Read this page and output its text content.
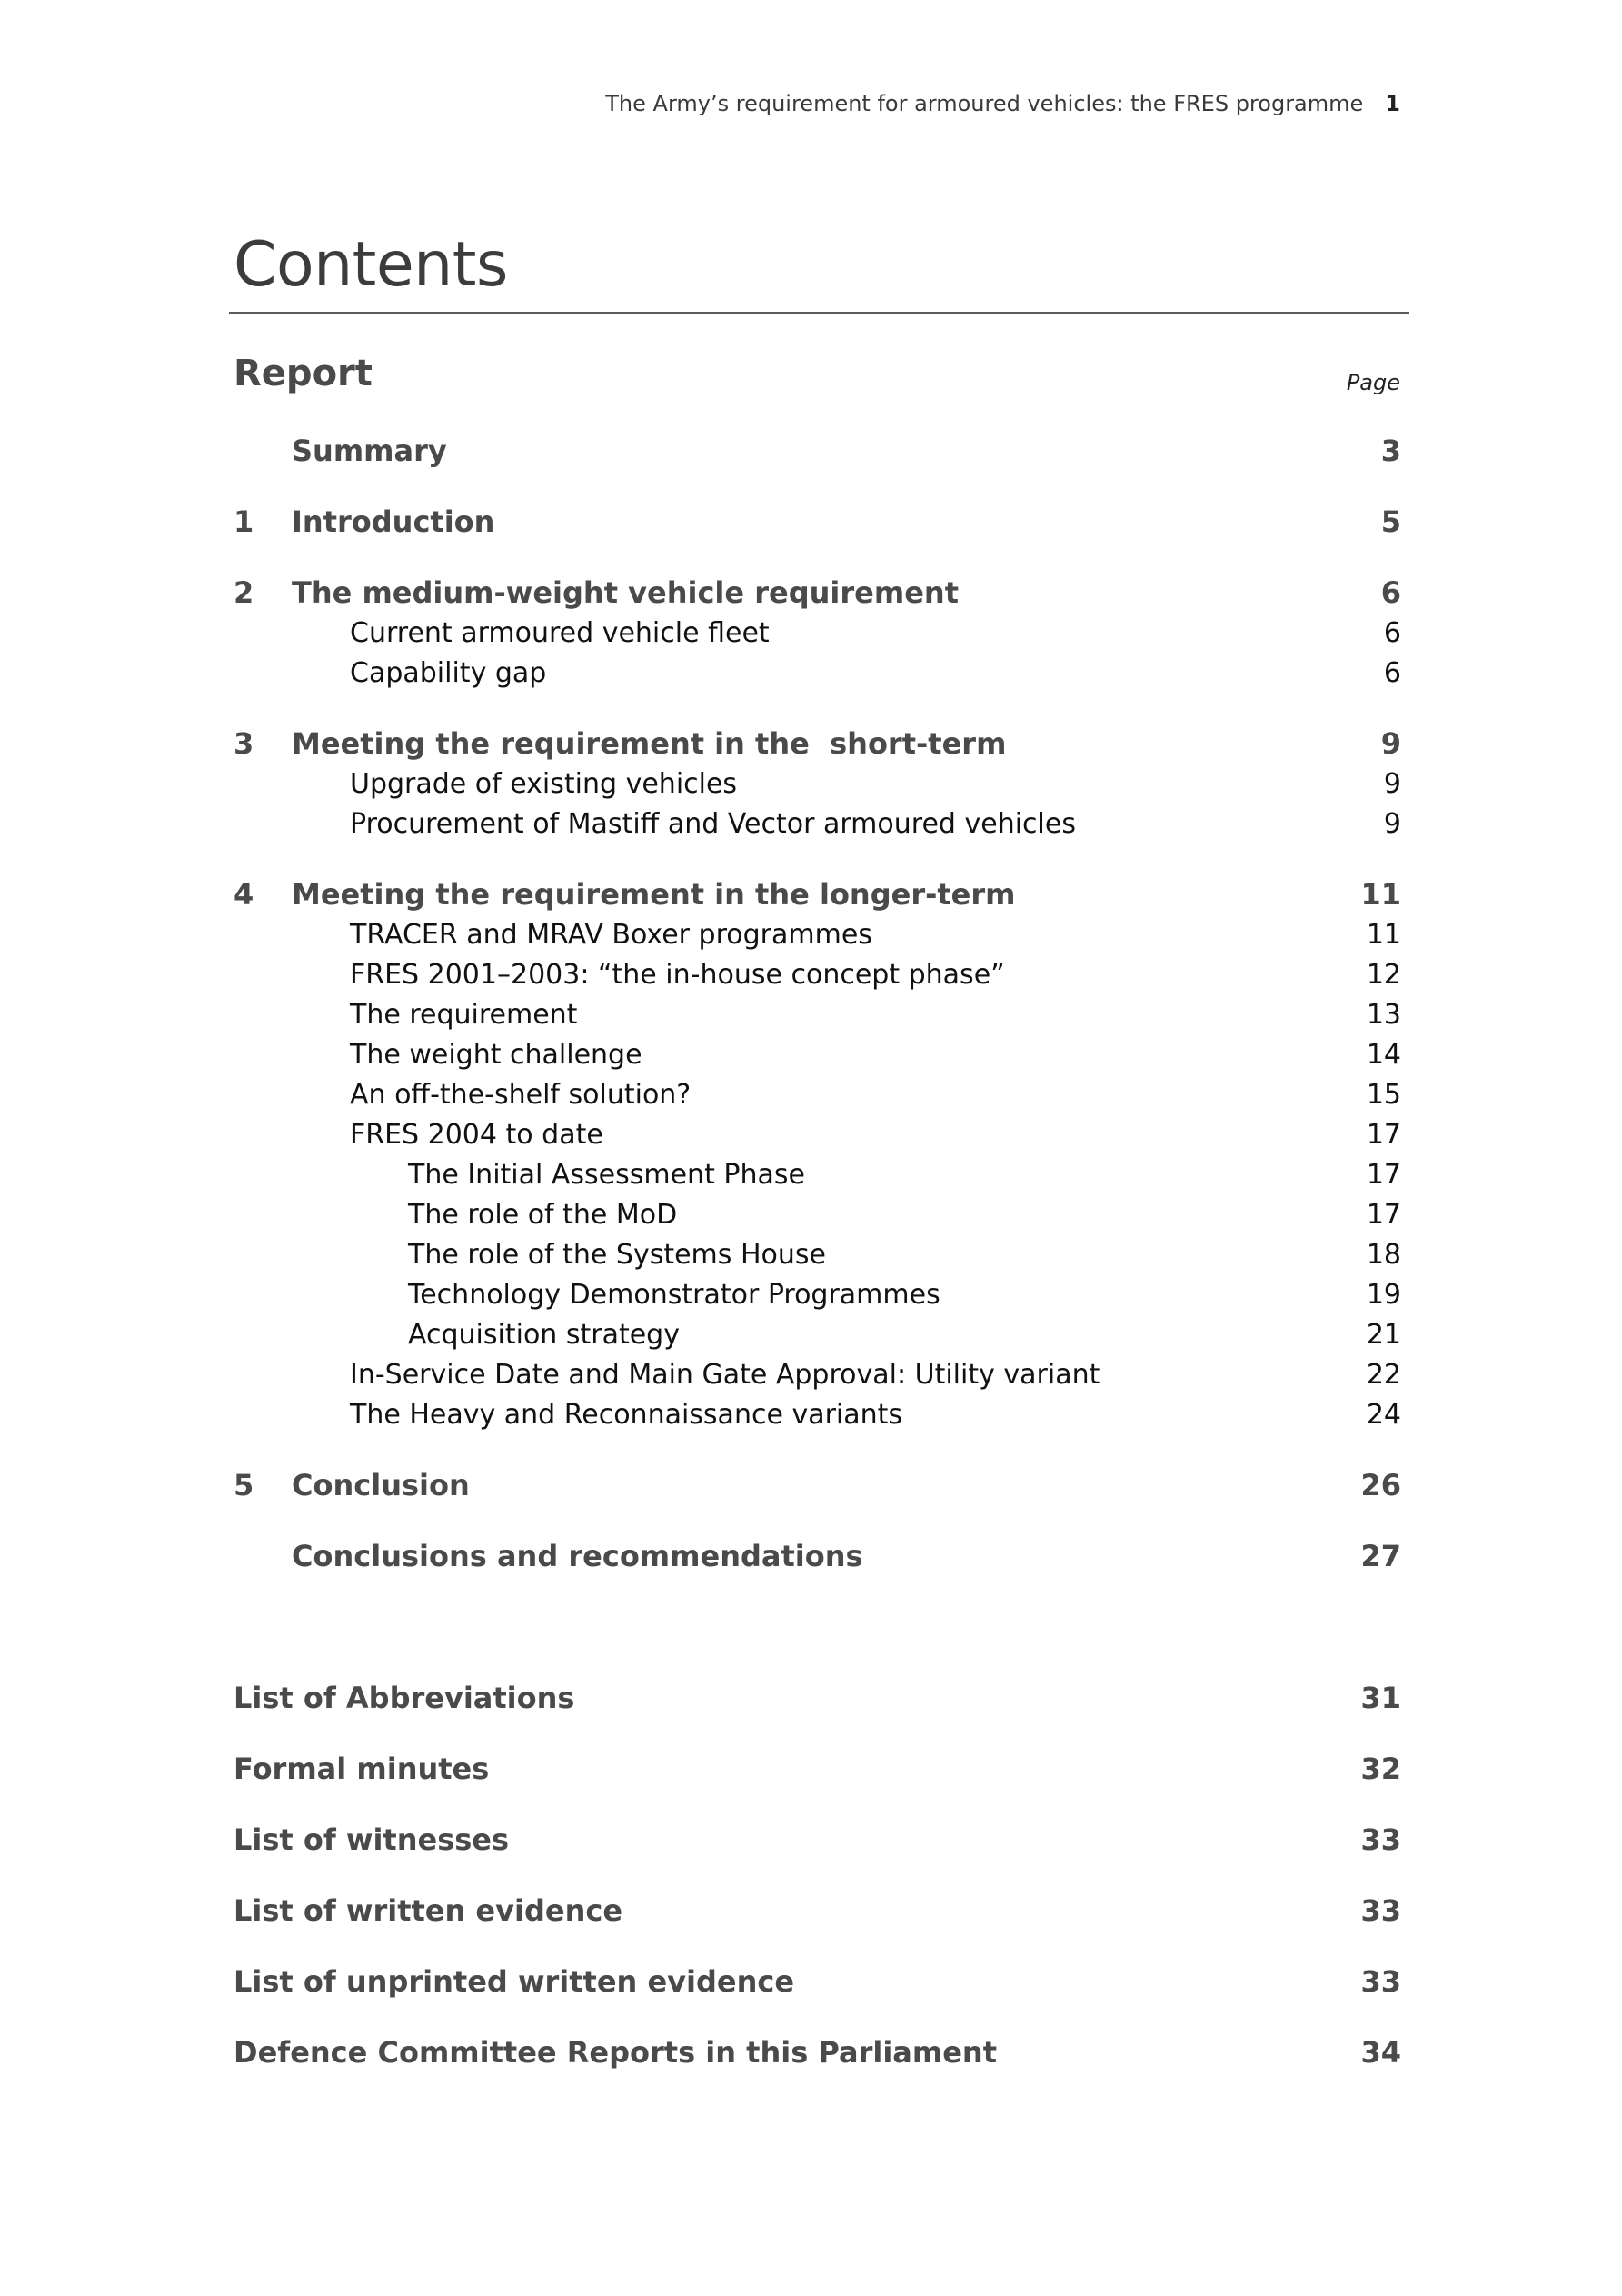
The Army’s requirement for armoured vehicles: the FRES programme 1
Contents
Report	Page
Summary	3
1 Introduction	5
2 The medium-weight vehicle requirement	6
Current armoured vehicle fleet	6
Capability gap	6
3 Meeting the requirement in the  short-term	9
Upgrade of existing vehicles	9
Procurement of Mastiff and Vector armoured vehicles	9
4 Meeting the requirement in the longer-term	11
TRACER and MRAV Boxer programmes	11
FRES 2001–2003: “the in-house concept phase”	12
The requirement	13
The weight challenge	14
An off-the-shelf solution?	15
FRES 2004 to date	17
The Initial Assessment Phase	17
The role of the MoD	17
The role of the Systems House	18
Technology Demonstrator Programmes	19
Acquisition strategy	21
In-Service Date and Main Gate Approval: Utility variant	22
The Heavy and Reconnaissance variants	24
5 Conclusion	26
Conclusions and recommendations	27
List of Abbreviations	31
Formal minutes	32
List of witnesses	33
List of written evidence	33
List of unprinted written evidence	33
Defence Committee Reports in this Parliament	34
